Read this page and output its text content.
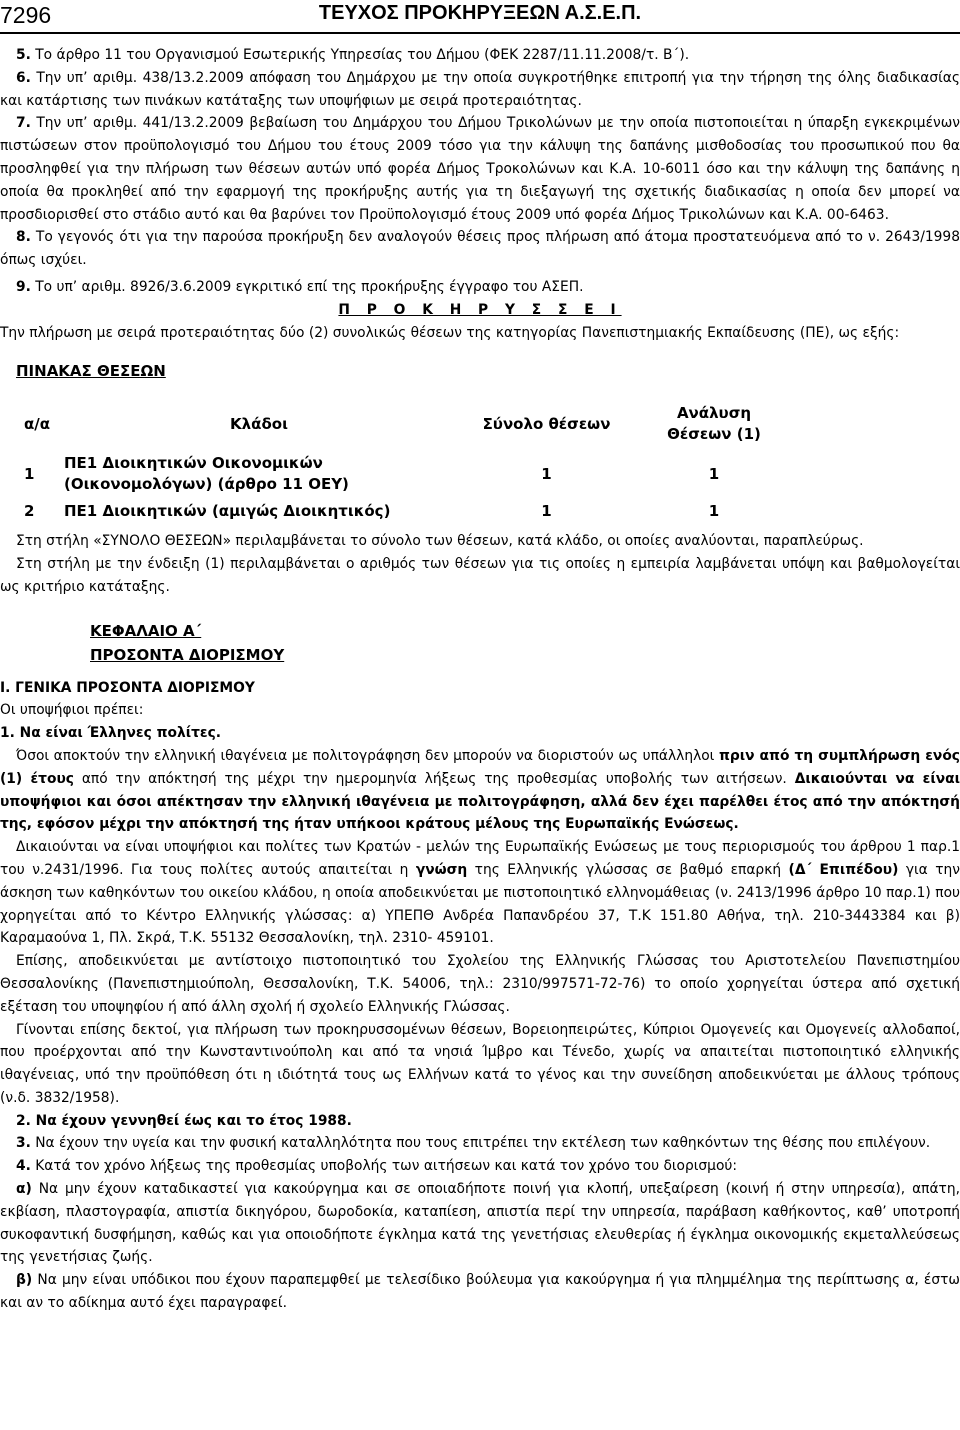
7296	ΤΕΥΧΟΣ ΠΡΟΚΗΡΥΞΕΩΝ Α.Σ.Ε.Π.

5. Το άρθρο 11 του Οργανισμού Εσωτερικής Υπηρεσίας του Δήμου (ΦΕΚ 2287/11.11.2008/τ. Β΄).

6. Την υπ’ αριθμ. 438/13.2.2009 απόφαση του Δημάρχου με την οποία συγκροτήθηκε επιτροπή για την τήρηση της όλης διαδικασίας και κατάρτισης των πινάκων κατάταξης των υποψήφιων με σειρά προτεραιότητας.

7. Την υπ’ αριθμ. 441/13.2.2009 βεβαίωση του Δημάρχου του Δήμου Τρικολώνων με την οποία πιστοποιείται η ύπαρξη εγκεκριμένων πιστώσεων στον προϋπολογισμό του Δήμου του έτους 2009 τόσο για την κάλυψη της δαπάνης μισθοδοσίας του προσωπικού που θα προσληφθεί για την πλήρωση των θέσεων αυτών υπό φορέα Δήμος Τροκολώνων και Κ.Α. 10-6011 όσο και την κάλυψη της δαπάνης η οποία θα προκληθεί από την εφαρμογή της προκήρυξης αυτής για τη διεξαγωγή της σχετικής διαδικασίας η οποία δεν μπορεί να προσδιορισθεί στο στάδιο αυτό και θα βαρύνει τον Προϋπολογισμό έτους 2009 υπό φορέα Δήμος Τρικολώνων και Κ.Α. 00-6463.

8. Το γεγονός ότι για την παρούσα προκήρυξη δεν αναλογούν θέσεις προς πλήρωση από άτομα προστατευόμενα από το ν. 2643/1998 όπως ισχύει.

9. Το υπ’ αριθμ. 8926/3.6.2009 εγκριτικό επί της προκήρυξης έγγραφο του ΑΣΕΠ.

Π Ρ Ο Κ Η Ρ Υ Σ Σ Ε Ι

Την πλήρωση με σειρά προτεραιότητας δύο (2) συνολικώς θέσεων της κατηγορίας Πανεπιστημιακής Εκπαίδευσης (ΠΕ), ως εξής:

ΠΙΝΑΚΑΣ ΘΕΣΕΩΝ

α/α	Κλάδοι	Σύνολο θέσεων	Ανάλυση Θέσεων (1)

1	ΠΕ1 Διοικητικών Οικονομικών (Οικονομολόγων) (άρθρο 11 ΟΕΥ)	1	1
2	ΠΕ1 Διοικητικών (αμιγώς Διοικητικός)	1	1

Στη στήλη «ΣΥΝΟΛΟ ΘΕΣΕΩΝ» περιλαμβάνεται το σύνολο των θέσεων, κατά κλάδο, οι οποίες αναλύονται, παραπλεύρως.

Στη στήλη με την ένδειξη (1) περιλαμβάνεται ο αριθμός των θέσεων για τις οποίες η εμπειρία λαμβάνεται υπόψη και βαθμολογείται ως κριτήριο κατάταξης.

ΚΕΦΑΛΑΙΟ Α΄

ΠΡΟΣΟΝΤΑ ΔΙΟΡΙΣΜΟΥ

Ι. ΓΕΝΙΚΑ ΠΡΟΣΟΝΤΑ ΔΙΟΡΙΣΜΟΥ

Οι υποψήφιοι πρέπει:

1. Να είναι Έλληνες πολίτες.

Όσοι αποκτούν την ελληνική ιθαγένεια με πολιτογράφηση δεν μπορούν να διοριστούν ως υπάλληλοι πριν από τη συμπλήρωση ενός (1) έτους από την απόκτησή της μέχρι την ημερομηνία λήξεως της προθεσμίας υποβολής των αιτήσεων. Δικαιούνται να είναι υποψήφιοι και όσοι απέκτησαν την ελληνική ιθαγένεια με πολιτογράφηση, αλλά δεν έχει παρέλθει έτος από την απόκτησή της, εφόσον μέχρι την απόκτησή της ήταν υπήκοοι κράτους μέλους της Ευρωπαϊκής Ενώσεως.

Δικαιούνται να είναι υποψήφιοι και πολίτες των Κρατών - μελών της Ευρωπαϊκής Ενώσεως με τους περιορισμούς του άρθρου 1 παρ.1 του ν.2431/1996. Για τους πολίτες αυτούς απαιτείται η γνώση της Ελληνικής γλώσσας σε βαθμό επαρκή (Δ΄ Επιπέδου) για την άσκηση των καθηκόντων του οικείου κλάδου, η οποία αποδεικνύεται με πιστοποιητικό ελληνομάθειας (ν. 2413/1996 άρθρο 10 παρ.1) που χορηγείται από το Κέντρο Ελληνικής γλώσσας: α) ΥΠΕΠΘ Ανδρέα Παπανδρέου 37, Τ.Κ 151.80 Αθήνα, τηλ. 210-3443384 και β) Καραμαούνα 1, Πλ. Σκρά, Τ.Κ. 55132 Θεσσαλονίκη, τηλ. 2310- 459101.

Επίσης, αποδεικνύεται με αντίστοιχο πιστοποιητικό του Σχολείου της Ελληνικής Γλώσσας του Αριστοτελείου Πανεπιστημίου Θεσσαλονίκης (Πανεπιστημιούπολη, Θεσσαλονίκη, Τ.Κ. 54006, τηλ.: 2310/997571-72-76) το οποίο χορηγείται ύστερα από σχετική εξέταση του υποψηφίου ή από άλλη σχολή ή σχολείο Ελληνικής Γλώσσας.

Γίνονται επίσης δεκτοί, για πλήρωση των προκηρυσσομένων θέσεων, Βορειοηπειρώτες, Κύπριοι Ομογενείς και Ομογενείς αλλοδαποί, που προέρχονται από την Κωνσταντινούπολη και από τα νησιά Ίμβρο και Τένεδο, χωρίς να απαιτείται πιστοποιητικό ελληνικής ιθαγένειας, υπό την προϋπόθεση ότι η ιδιότητά τους ως Ελλήνων κατά το γένος και την συνείδηση αποδεικνύεται με άλλους τρόπους (ν.δ. 3832/1958).

2. Να έχουν γεννηθεί έως και το έτος 1988.

3. Να έχουν την υγεία και την φυσική καταλληλότητα που τους επιτρέπει την εκτέλεση των καθηκόντων της θέσης που επιλέγουν.

4. Κατά τον χρόνο λήξεως της προθεσμίας υποβολής των αιτήσεων και κατά τον χρόνο του διορισμού:

α) Να μην έχουν καταδικαστεί για κακούργημα και σε οποιαδήποτε ποινή για κλοπή, υπεξαίρεση (κοινή ή στην υπηρεσία), απάτη, εκβίαση, πλαστογραφία, απιστία δικηγόρου, δωροδοκία, καταπίεση, απιστία περί την υπηρεσία, παράβαση καθήκοντος, καθ’ υποτροπή συκοφαντική δυσφήμηση, καθώς και για οποιοδήποτε έγκλημα κατά της γενετήσιας ελευθερίας ή έγκλημα οικονομικής εκμεταλλεύσεως της γενετήσιας ζωής.

β) Να μην είναι υπόδικοι που έχουν παραπεμφθεί με τελεσίδικο βούλευμα για κακούργημα ή για πλημμέλημα της περίπτωσης α, έστω και αν το αδίκημα αυτό έχει παραγραφεί.
